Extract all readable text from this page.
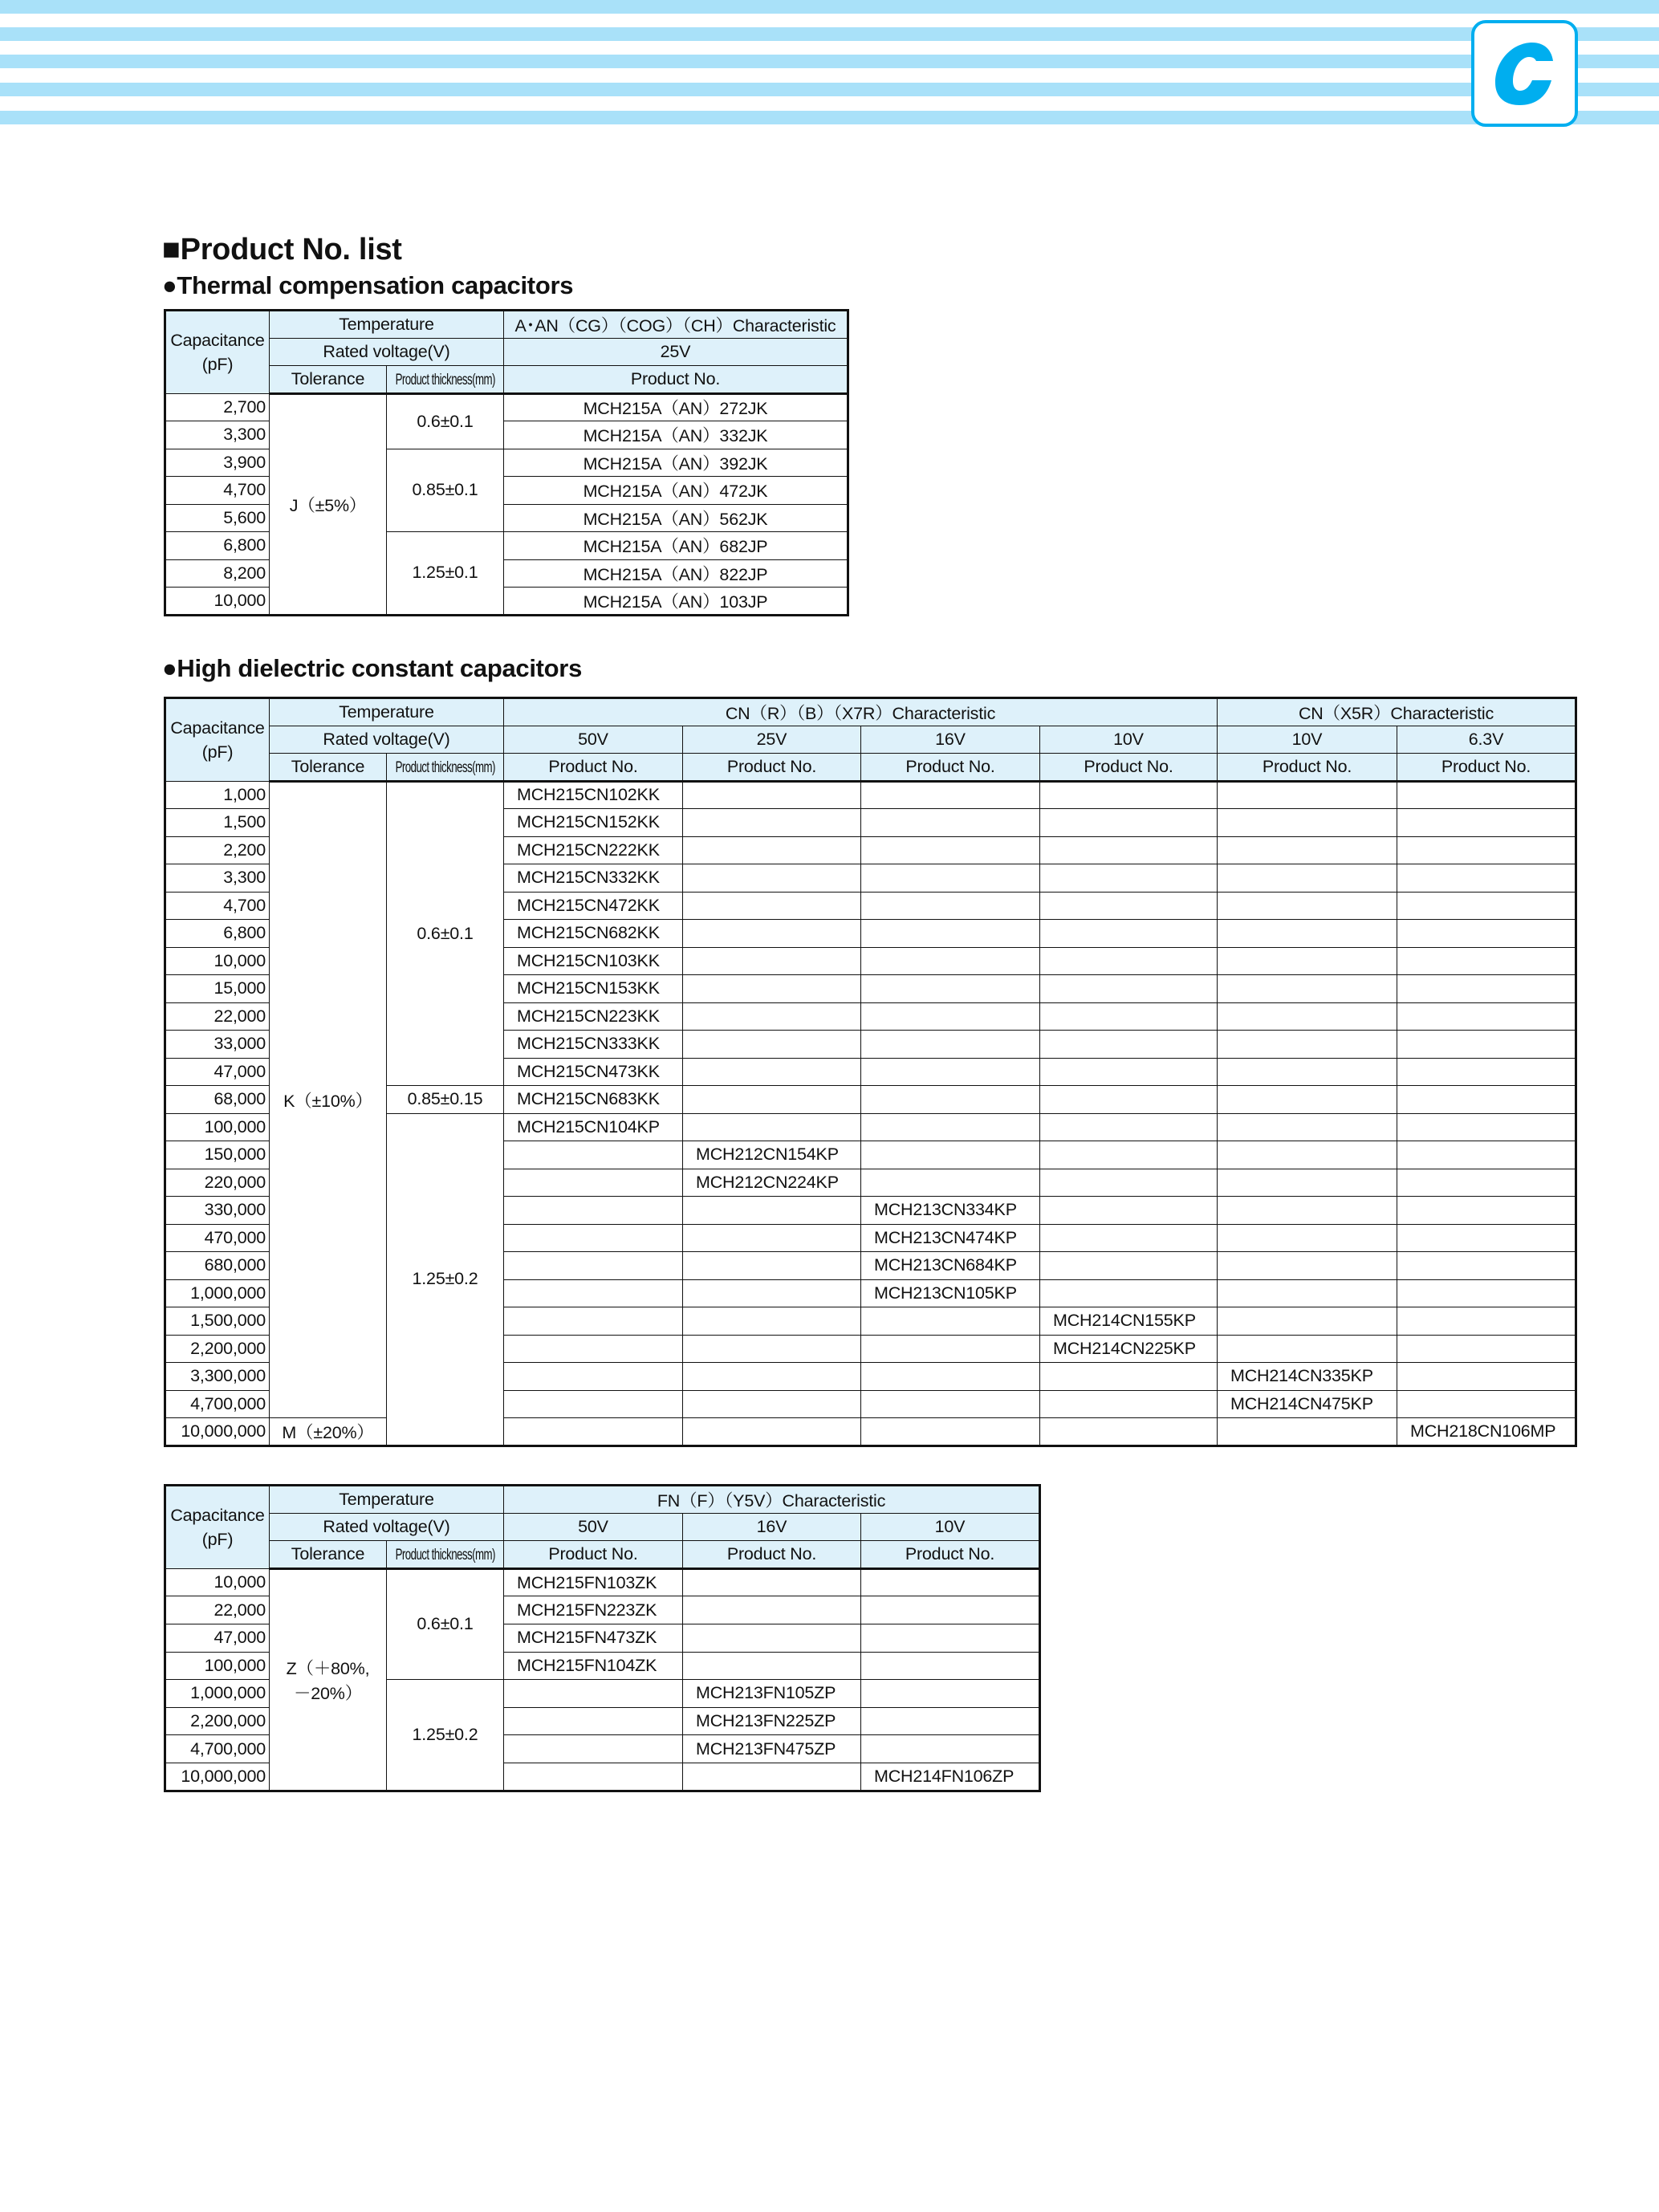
■Product No. list
●Thermal compensation capacitors
●High dielectric constant capacitors
Capacitance
(pF)	Temperature		A･AN（CG）（COG）（CH）Characteristic
	Rated voltage(V)		25V
	Tolerance	Product thickness(mm)	Product No.
2,700	J（±5%）	0.6±0.1	MCH215A（AN）272JK
3,300			MCH215A（AN）332JK
3,900		0.85±0.1	MCH215A（AN）392JK
4,700			MCH215A（AN）472JK
5,600			MCH215A（AN）562JK
6,800		1.25±0.1	MCH215A（AN）682JP
8,200			MCH215A（AN）822JP
10,000			MCH215A（AN）103JP
Capacitance
(pF)	Temperature		CN（R）（B）（X7R）Characteristic				CN（X5R）Characteristic	
	Rated voltage(V)		50V	25V	16V	10V	10V	6.3V
	Tolerance	Product thickness(mm)	Product No.	Product No.	Product No.	Product No.	Product No.	Product No.
1,000	K（±10%）	0.6±0.1	MCH215CN102KK					
1,500			MCH215CN152KK					
2,200			MCH215CN222KK					
3,300			MCH215CN332KK					
4,700			MCH215CN472KK					
6,800			MCH215CN682KK					
10,000			MCH215CN103KK					
15,000			MCH215CN153KK					
22,000			MCH215CN223KK					
33,000			MCH215CN333KK					
47,000			MCH215CN473KK					
68,000		0.85±0.15	MCH215CN683KK					
100,000		1.25±0.2	MCH215CN104KP					
150,000				MCH212CN154KP				
220,000				MCH212CN224KP				
330,000					MCH213CN334KP			
470,000					MCH213CN474KP			
680,000					MCH213CN684KP			
1,000,000					MCH213CN105KP			
1,500,000						MCH214CN155KP		
2,200,000						MCH214CN225KP		
3,300,000							MCH214CN335KP	
4,700,000							MCH214CN475KP	
10,000,000	M（±20%）							MCH218CN106MP
Capacitance
(pF)	Temperature		FN（F）（Y5V）Characteristic		
	Rated voltage(V)		50V	16V	10V
	Tolerance	Product thickness(mm)	Product No.	Product No.	Product No.
10,000	Z（＋80%,
－20%）	0.6±0.1	MCH215FN103ZK		
22,000			MCH215FN223ZK		
47,000			MCH215FN473ZK		
100,000			MCH215FN104ZK		
1,000,000		1.25±0.2		MCH213FN105ZP	
2,200,000				MCH213FN225ZP	
4,700,000				MCH213FN475ZP	
10,000,000					MCH214FN106ZP
